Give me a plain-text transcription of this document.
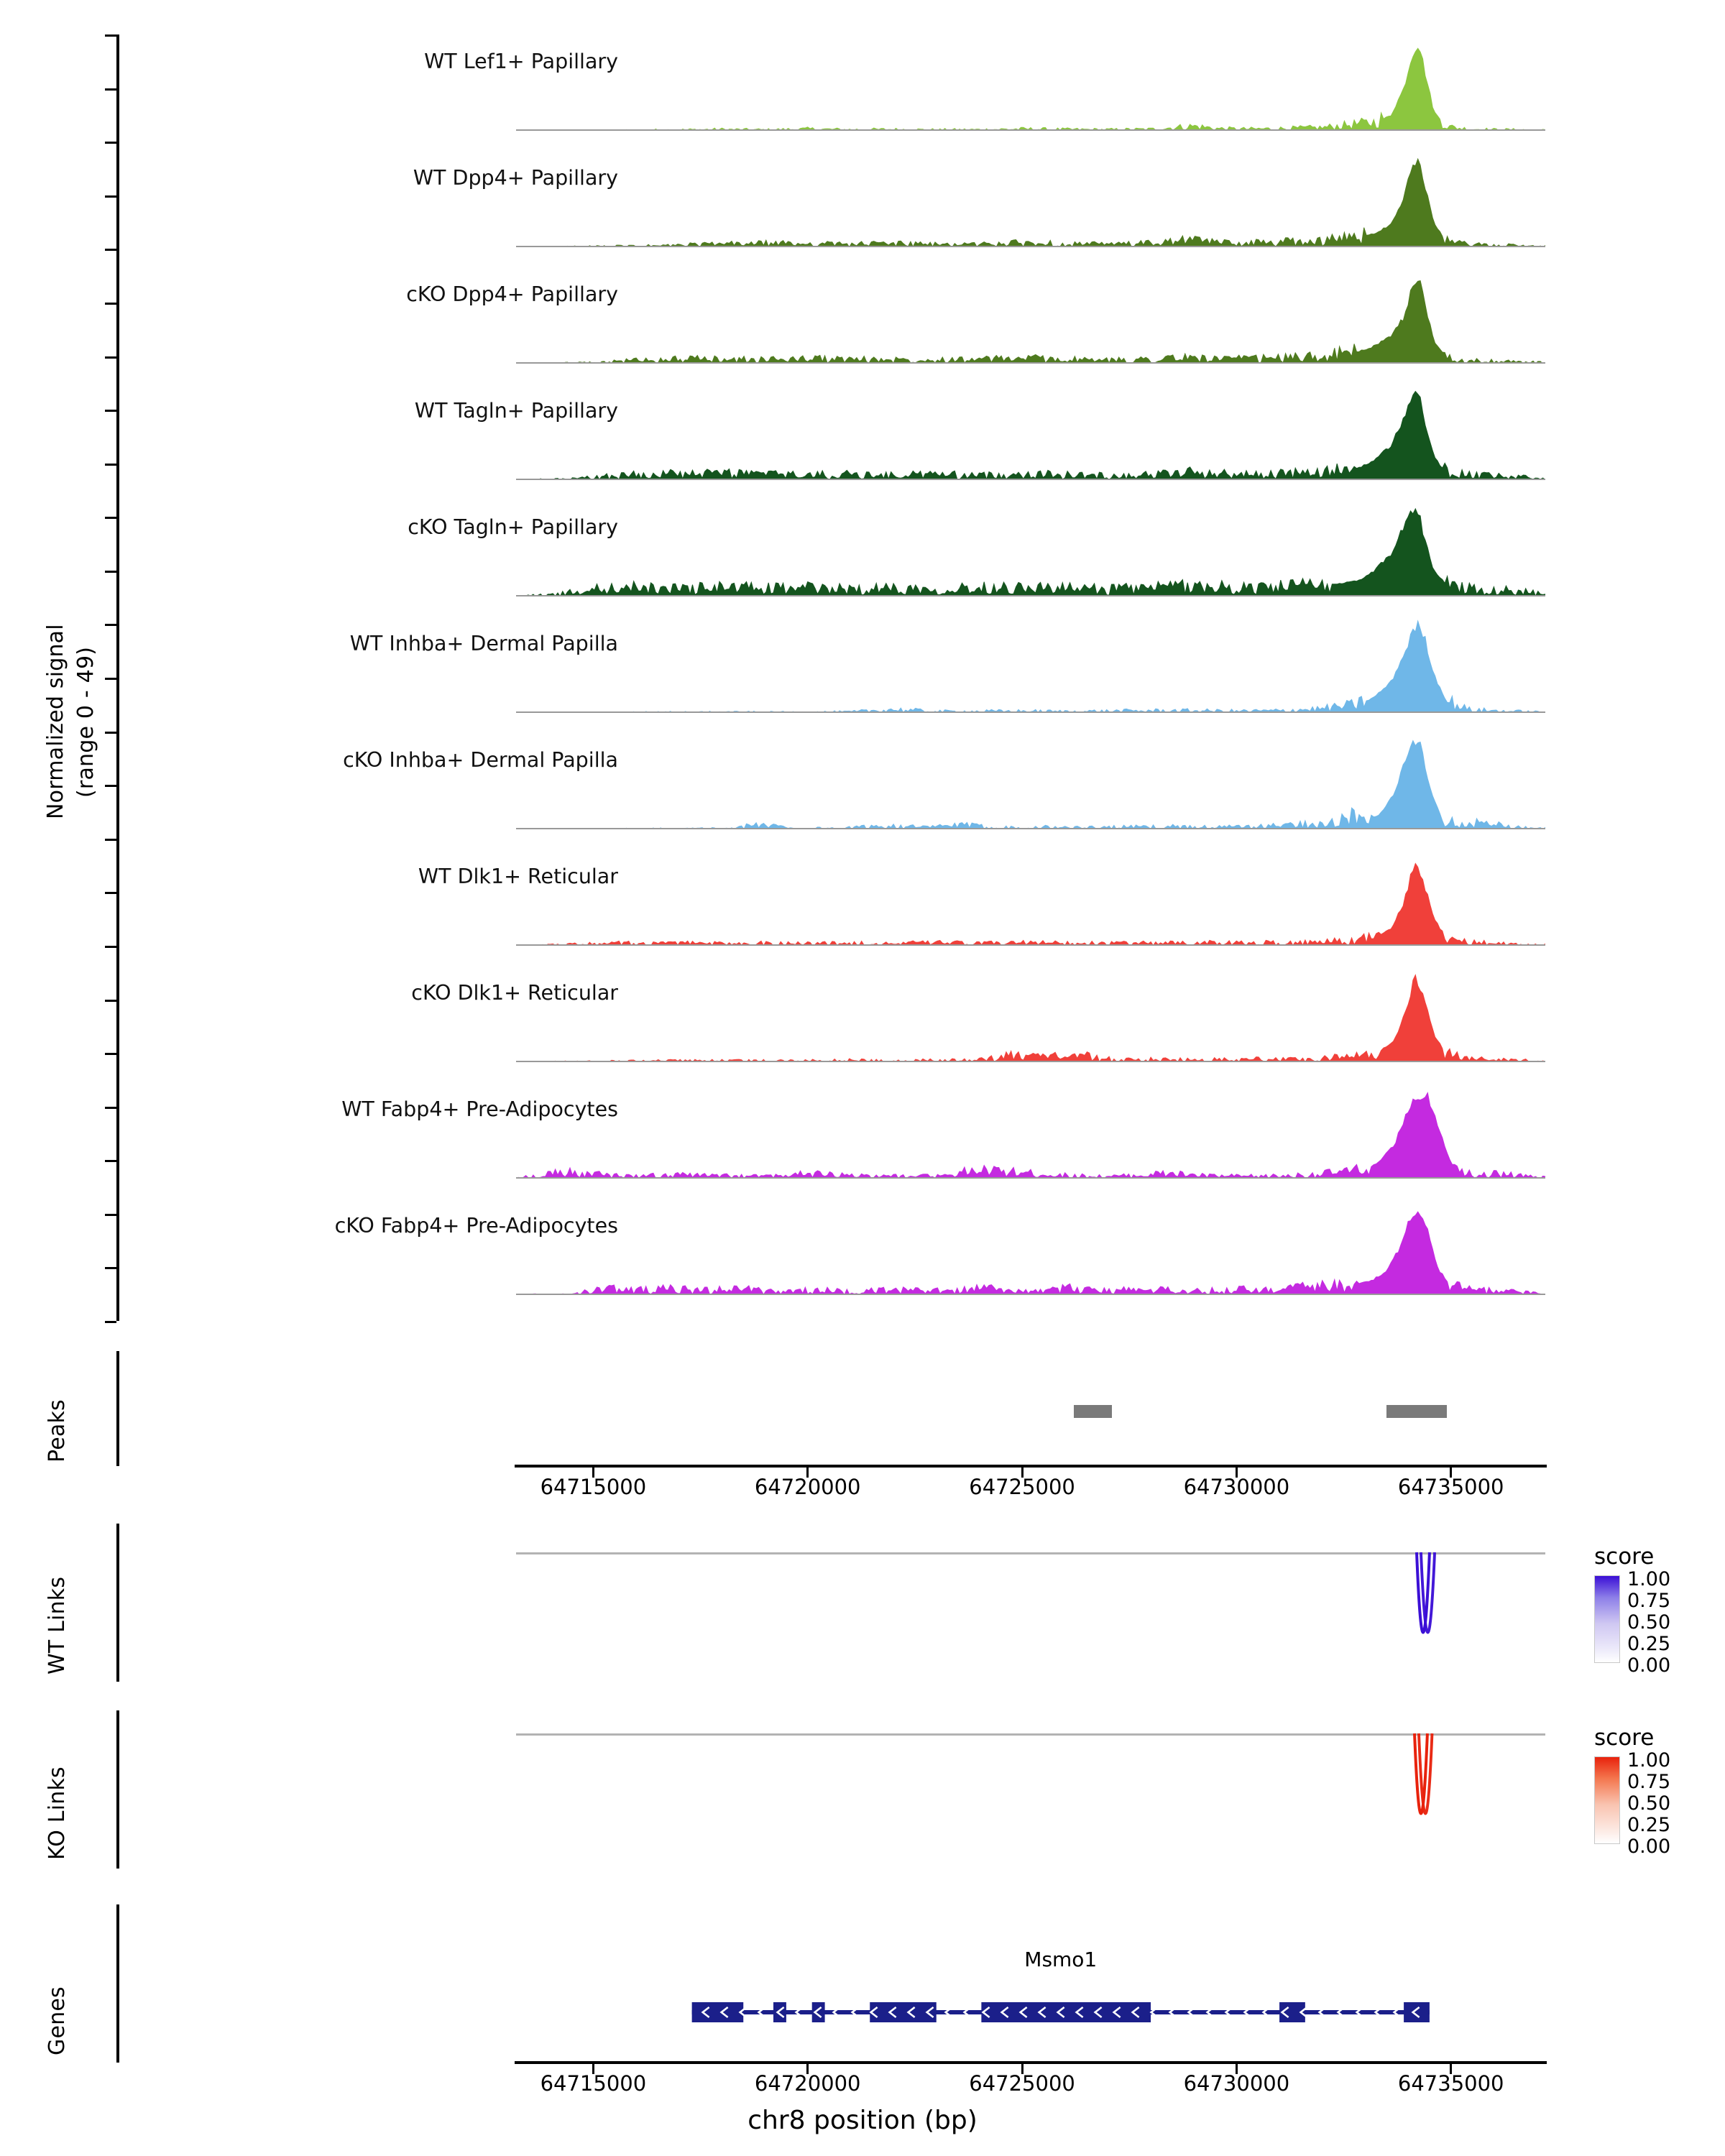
Normalized signal (range 0 - 49)
WT Lef1+ Papillary
WT Dpp4+ Papillary
cKO Dpp4+ Papillary
WT Tagln+ Papillary
cKO Tagln+ Papillary
WT Inhba+ Dermal Papilla
cKO Inhba+ Dermal Papilla
WT Dlk1+ Reticular
cKO Dlk1+ Reticular
WT Fabp4+ Pre-Adipocytes
cKO Fabp4+ Pre-Adipocytes
Peaks
64715000	64720000	64725000	64730000	64735000
WT Links
score
1.00
0.75
0.50
0.25
0.00
KO Links
score
1.00
0.75
0.50
0.25
0.00
Genes
Msmo1
64715000	64720000	64725000	64730000	64735000
chr8 position (bp)
